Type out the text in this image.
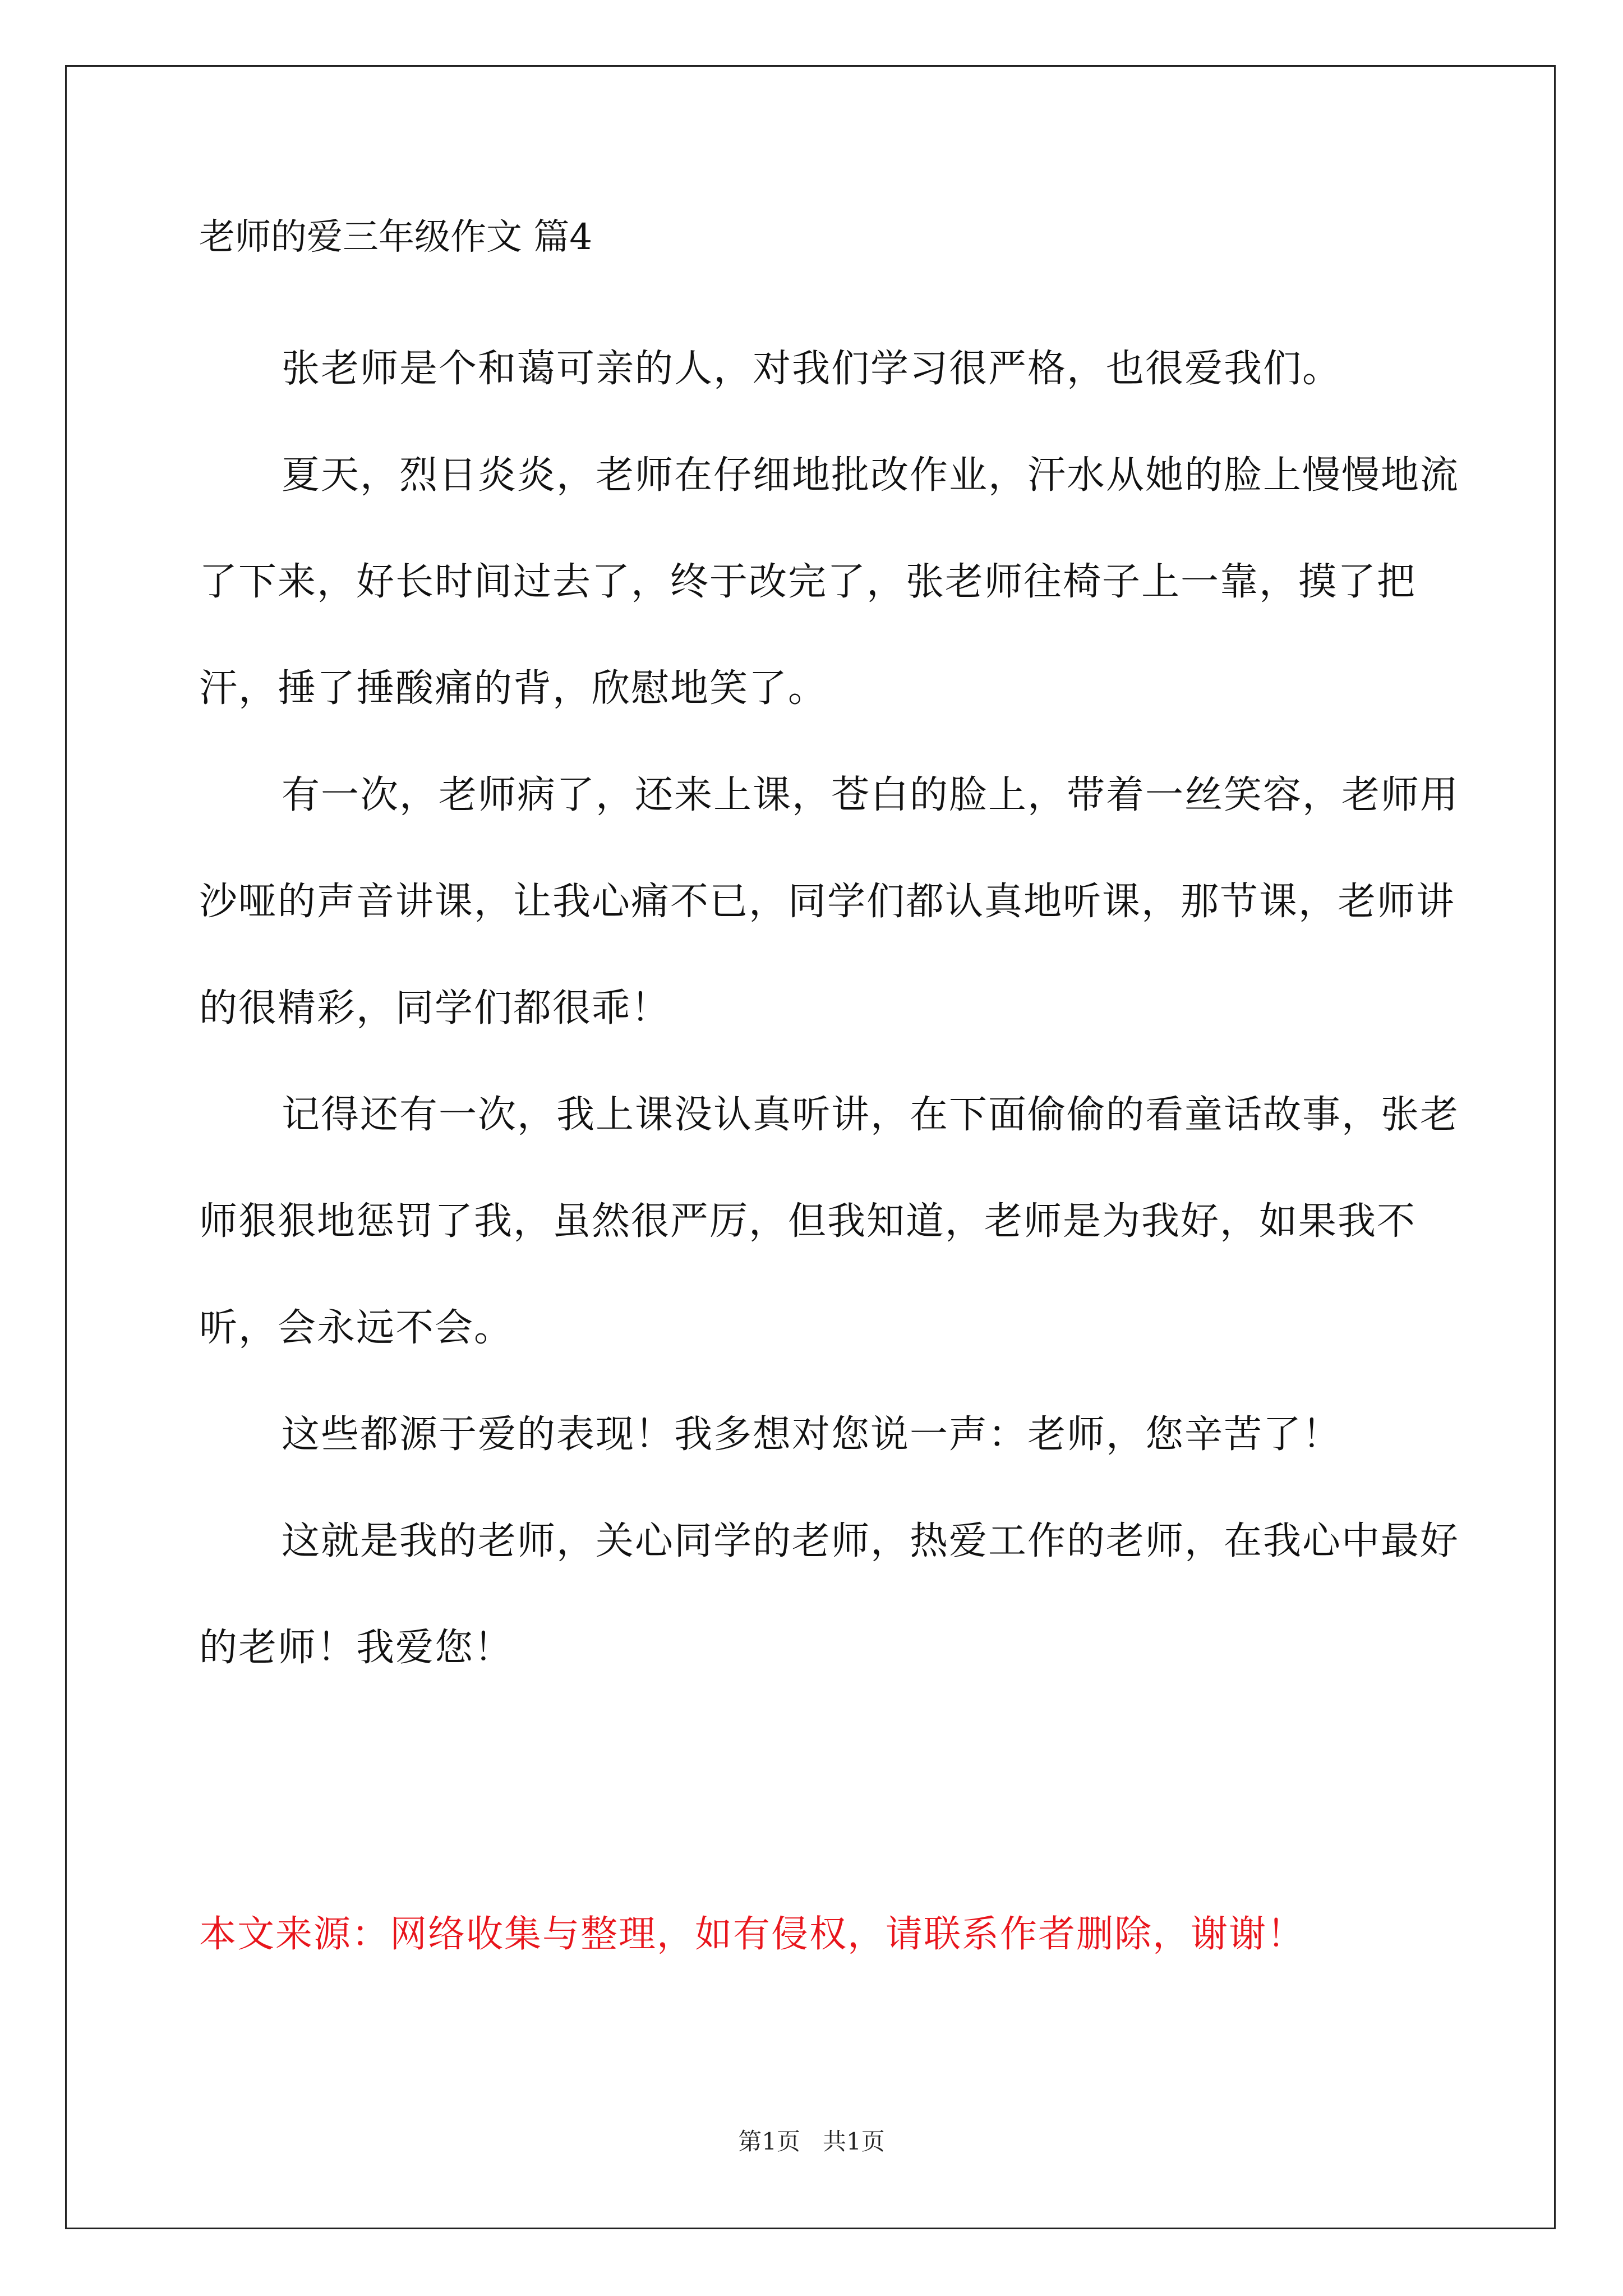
老师的爱三年级作文 篇4

张老师是个和蔼可亲的人，对我们学习很严格，也很爱我们。

夏天，烈日炎炎，老师在仔细地批改作业，汗水从她的脸上慢慢地流了下来，好长时间过去了，终于改完了，张老师往椅子上一靠，摸了把汗，捶了捶酸痛的背，欣慰地笑了。

有一次，老师病了，还来上课，苍白的脸上，带着一丝笑容，老师用沙哑的声音讲课，让我心痛不已，同学们都认真地听课，那节课，老师讲的很精彩，同学们都很乖！

记得还有一次，我上课没认真听讲，在下面偷偷的看童话故事，张老师狠狠地惩罚了我，虽然很严厉，但我知道，老师是为我好，如果我不听，会永远不会。

这些都源于爱的表现！我多想对您说一声：老师，您辛苦了！

这就是我的老师，关心同学的老师，热爱工作的老师，在我心中最好的老师！我爱您！

本文来源：网络收集与整理，如有侵权，请联系作者删除，谢谢！
第1页 共1页
